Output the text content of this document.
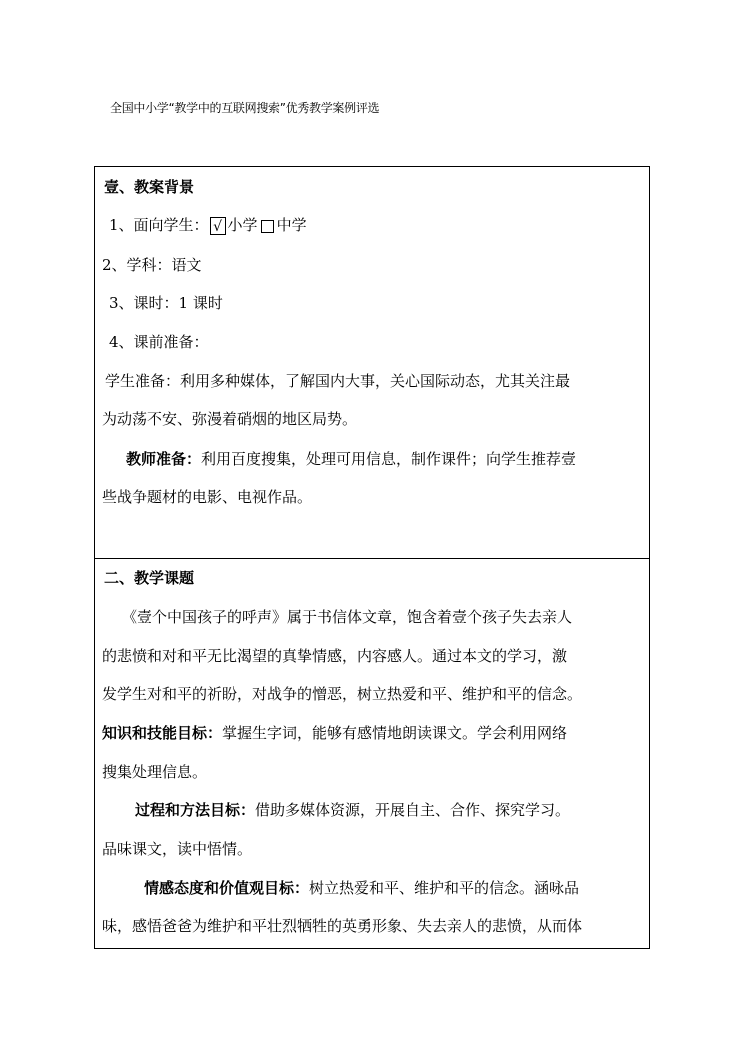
全国中小学“教学中的互联网搜索”优秀教学案例评选
壹、教案背景
1、面向学生： √ 小学 中学
2、学科：语文
3、课时：1 课时
4、课前准备：
学生准备：利用多种媒体，了解国内大事，关心国际动态，尤其关注最
为动荡不安、弥漫着硝烟的地区局势。
教师准备：利用百度搜集，处理可用信息，制作课件；向学生推荐壹
些战争题材的电影、电视作品。
二、教学课题
《壹个中国孩子的呼声》属于书信体文章，饱含着壹个孩子失去亲人
的悲愤和对和平无比渴望的真挚情感，内容感人。通过本文的学习，激
发学生对和平的祈盼，对战争的憎恶，树立热爱和平、维护和平的信念。
知识和技能目标：掌握生字词，能够有感情地朗读课文。学会利用网络
搜集处理信息。
过程和方法目标：借助多媒体资源，开展自主、合作、探究学习。
品味课文，读中悟情。
情感态度和价值观目标：树立热爱和平、维护和平的信念。涵咏品
味，感悟爸爸为维护和平壮烈牺牲的英勇形象、失去亲人的悲愤，从而体
